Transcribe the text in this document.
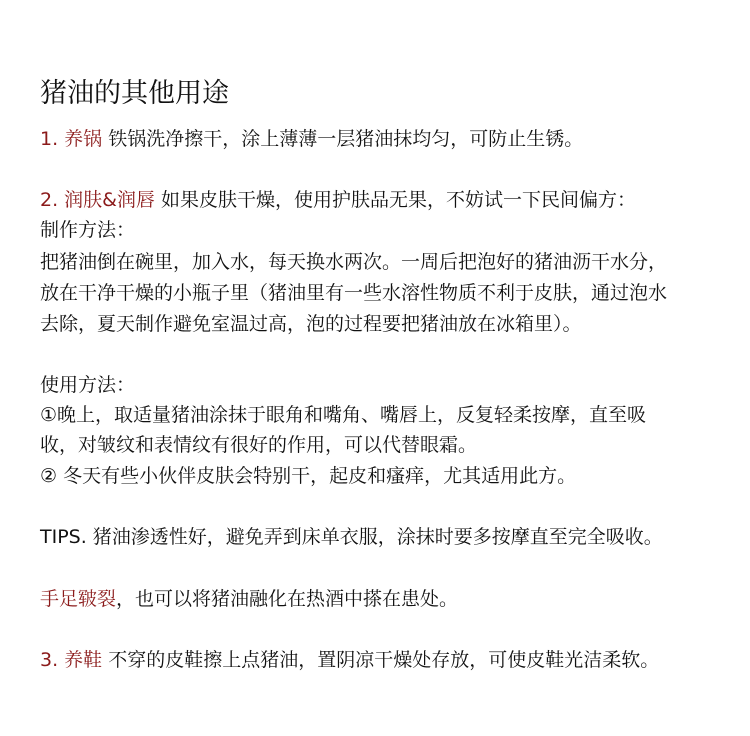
猪油的其他用途
1. 养锅 铁锅洗净擦干，涂上薄薄一层猪油抹均匀，可防止生锈。
2. 润肤&润唇 如果皮肤干燥，使用护肤品无果，不妨试一下民间偏方：
制作方法：
把猪油倒在碗里，加入水，每天换水两次。一周后把泡好的猪油沥干水分，
放在干净干燥的小瓶子里（猪油里有一些水溶性物质不利于皮肤，通过泡水
去除，夏天制作避免室温过高，泡的过程要把猪油放在冰箱里）。
使用方法：
①晚上，取适量猪油涂抹于眼角和嘴角、嘴唇上，反复轻柔按摩，直至吸
收，对皱纹和表情纹有很好的作用，可以代替眼霜。
② 冬天有些小伙伴皮肤会特别干，起皮和瘙痒，尤其适用此方。
TIPS. 猪油渗透性好，避免弄到床单衣服，涂抹时要多按摩直至完全吸收。
手足皲裂，也可以将猪油融化在热酒中搽在患处。
3. 养鞋 不穿的皮鞋擦上点猪油，置阴凉干燥处存放，可使皮鞋光洁柔软。
